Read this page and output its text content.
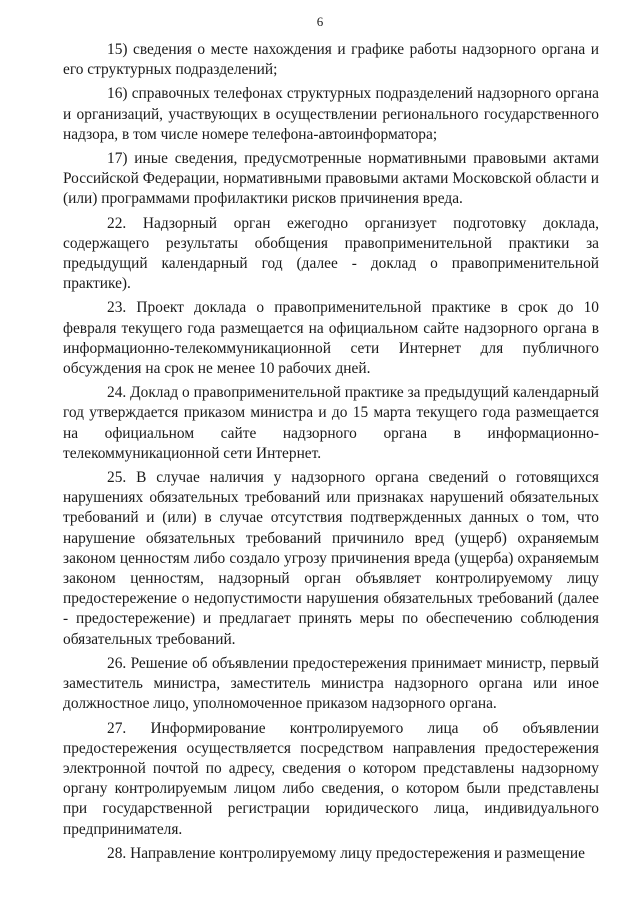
6

15) сведения о месте нахождения и графике работы надзорного органа и его структурных подразделений;

16) справочных телефонах структурных подразделений надзорного органа и организаций, участвующих в осуществлении регионального государственного надзора, в том числе номере телефона-автоинформатора;

17) иные сведения, предусмотренные нормативными правовыми актами Российской Федерации, нормативными правовыми актами Московской области и (или) программами профилактики рисков причинения вреда.

22. Надзорный орган ежегодно организует подготовку доклада, содержащего результаты обобщения правоприменительной практики за предыдущий календарный год (далее - доклад о правоприменительной практике).

23. Проект доклада о правоприменительной практике в срок до 10 февраля текущего года размещается на официальном сайте надзорного органа в информационно-телекоммуникационной сети Интернет для публичного обсуждения на срок не менее 10 рабочих дней.

24. Доклад о правоприменительной практике за предыдущий календарный год утверждается приказом министра и до 15 марта текущего года размещается на официальном сайте надзорного органа в информационно-телекоммуникационной сети Интернет.

25. В случае наличия у надзорного органа сведений о готовящихся нарушениях обязательных требований или признаках нарушений обязательных требований и (или) в случае отсутствия подтвержденных данных о том, что нарушение обязательных требований причинило вред (ущерб) охраняемым законом ценностям либо создало угрозу причинения вреда (ущерба) охраняемым законом ценностям, надзорный орган объявляет контролируемому лицу предостережение о недопустимости нарушения обязательных требований (далее - предостережение) и предлагает принять меры по обеспечению соблюдения обязательных требований.

26. Решение об объявлении предостережения принимает министр, первый заместитель министра, заместитель министра надзорного органа или иное должностное лицо, уполномоченное приказом надзорного органа.

27. Информирование контролируемого лица об объявлении предостережения осуществляется посредством направления предостережения электронной почтой по адресу, сведения о котором представлены надзорному органу контролируемым лицом либо сведения, о котором были представлены при государственной регистрации юридического лица, индивидуального предпринимателя.

28. Направление контролируемому лицу предостережения и размещение
